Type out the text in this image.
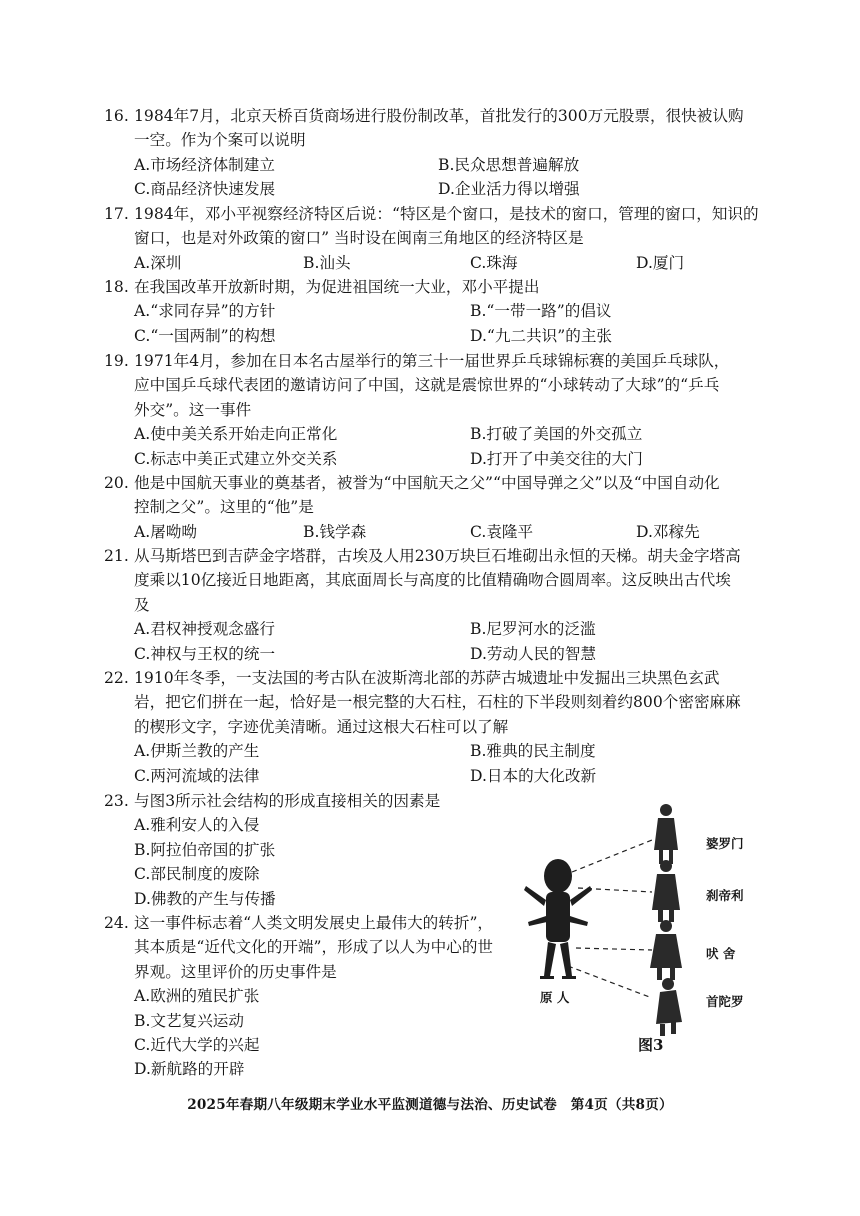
16. 1984年7月，北京天桥百货商场进行股份制改革，首批发行的300万元股票，很快被认购
一空。作为个案可以说明
A.市场经济体制建立	B.民众思想普遍解放
C.商品经济快速发展	D.企业活力得以增强
17. 1984年，邓小平视察经济特区后说：“特区是个窗口，是技术的窗口，管理的窗口，知识的
窗口，也是对外政策的窗口” 当时设在闽南三角地区的经济特区是
A.深圳	B.汕头	C.珠海	D.厦门
18. 在我国改革开放新时期，为促进祖国统一大业，邓小平提出
A.“求同存异”的方针	B.“一带一路”的倡议
C.“一国两制”的构想	D.“九二共识”的主张
19. 1971年4月，参加在日本名古屋举行的第三十一届世界乒乓球锦标赛的美国乒乓球队，
应中国乒乓球代表团的邀请访问了中国，这就是震惊世界的“小球转动了大球”的“乒乓
外交”。这一事件
A.使中美关系开始走向正常化	B.打破了美国的外交孤立
C.标志中美正式建立外交关系	D.打开了中美交往的大门
20. 他是中国航天事业的奠基者，被誉为“中国航天之父”“中国导弹之父”以及“中国自动化
控制之父”。这里的“他”是
A.屠呦呦	B.钱学森	C.袁隆平	D.邓稼先
21. 从马斯塔巴到吉萨金字塔群，古埃及人用230万块巨石堆砌出永恒的天梯。胡夫金字塔高
度乘以10亿接近日地距离，其底面周长与高度的比值精确吻合圆周率。这反映出古代埃
及
A.君权神授观念盛行	B.尼罗河水的泛滥
C.神权与王权的统一	D.劳动人民的智慧
22. 1910年冬季，一支法国的考古队在波斯湾北部的苏萨古城遗址中发掘出三块黑色玄武
岩，把它们拼在一起，恰好是一根完整的大石柱，石柱的下半段则刻着约800个密密麻麻
的楔形文字，字迹优美清晰。通过这根大石柱可以了解
A.伊斯兰教的产生	B.雅典的民主制度
C.两河流域的法律	D.日本的大化改新
23. 与图3所示社会结构的形成直接相关的因素是
A.雅利安人的入侵
B.阿拉伯帝国的扩张
C.部民制度的废除
D.佛教的产生与传播
24. 这一事件标志着“人类文明发展史上最伟大的转折”，
其本质是“近代文化的开端”，形成了以人为中心的世
界观。这里评价的历史事件是
A.欧洲的殖民扩张
B.文艺复兴运动
C.近代大学的兴起
D.新航路的开辟
婆罗门
刹帝利
吠 舍
首陀罗
原 人
图3
2025年春期八年级期末学业水平监测道德与法治、历史试卷　第4页（共8页）
